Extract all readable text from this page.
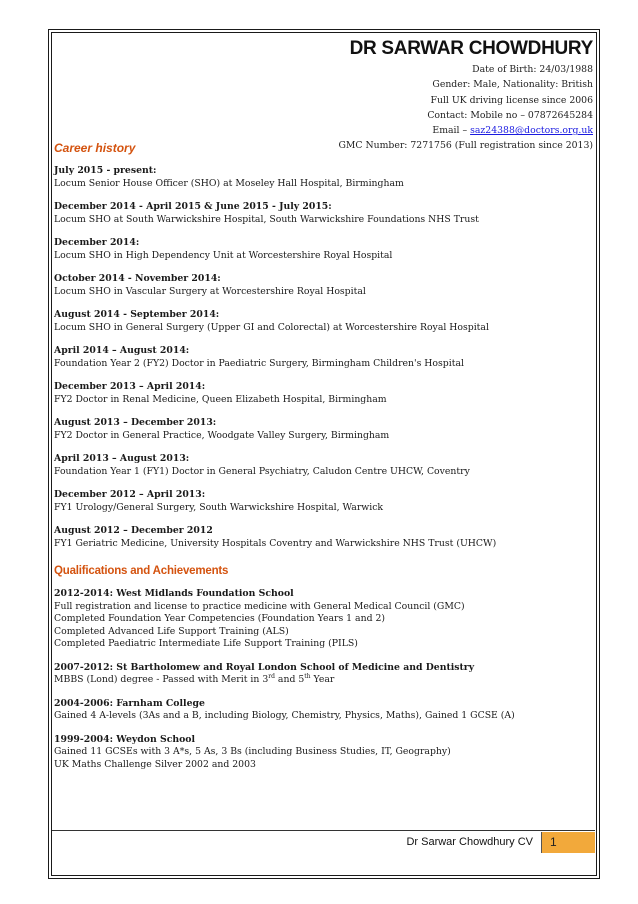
DR SARWAR CHOWDHURY
Date of Birth: 24/03/1988
Gender: Male, Nationality: British
Full UK driving license since 2006
Contact: Mobile no – 07872645284
Email – saz24388@doctors.org.uk
GMC Number: 7271756 (Full registration since 2013)
Career history
July 2015 - present:
Locum Senior House Officer (SHO) at Moseley Hall Hospital, Birmingham
December 2014 - April 2015 & June 2015 - July 2015:
Locum SHO at South Warwickshire Hospital, South Warwickshire Foundations NHS Trust
December 2014:
Locum SHO in High Dependency Unit at Worcestershire Royal Hospital
October 2014 - November 2014:
Locum SHO in Vascular Surgery at Worcestershire Royal Hospital
August 2014 - September 2014:
Locum SHO in General Surgery (Upper GI and Colorectal) at Worcestershire Royal Hospital
April 2014 – August 2014:
Foundation Year 2 (FY2) Doctor in Paediatric Surgery, Birmingham Children's Hospital
December 2013 – April 2014:
FY2 Doctor in Renal Medicine, Queen Elizabeth Hospital, Birmingham
August 2013 – December 2013:
FY2 Doctor in General Practice, Woodgate Valley Surgery, Birmingham
April 2013 – August 2013:
Foundation Year 1 (FY1) Doctor in General Psychiatry, Caludon Centre UHCW, Coventry
December 2012 – April 2013:
FY1 Urology/General Surgery, South Warwickshire Hospital, Warwick
August 2012 – December 2012
FY1 Geriatric Medicine, University Hospitals Coventry and Warwickshire NHS Trust (UHCW)
Qualifications and Achievements
2012-2014: West Midlands Foundation School
Full registration and license to practice medicine with General Medical Council (GMC)
Completed Foundation Year Competencies (Foundation Years 1 and 2)
Completed Advanced Life Support Training (ALS)
Completed Paediatric Intermediate Life Support Training (PILS)
2007-2012: St Bartholomew and Royal London School of Medicine and Dentistry
MBBS (Lond) degree - Passed with Merit in 3rd and 5th Year
2004-2006: Farnham College
Gained 4 A-levels (3As and a B, including Biology, Chemistry, Physics, Maths), Gained 1 GCSE (A)
1999-2004: Weydon School
Gained 11 GCSEs with 3 A*s, 5 As, 3 Bs (including Business Studies, IT, Geography)
UK Maths Challenge Silver 2002 and 2003
Dr Sarwar Chowdhury CV 1
